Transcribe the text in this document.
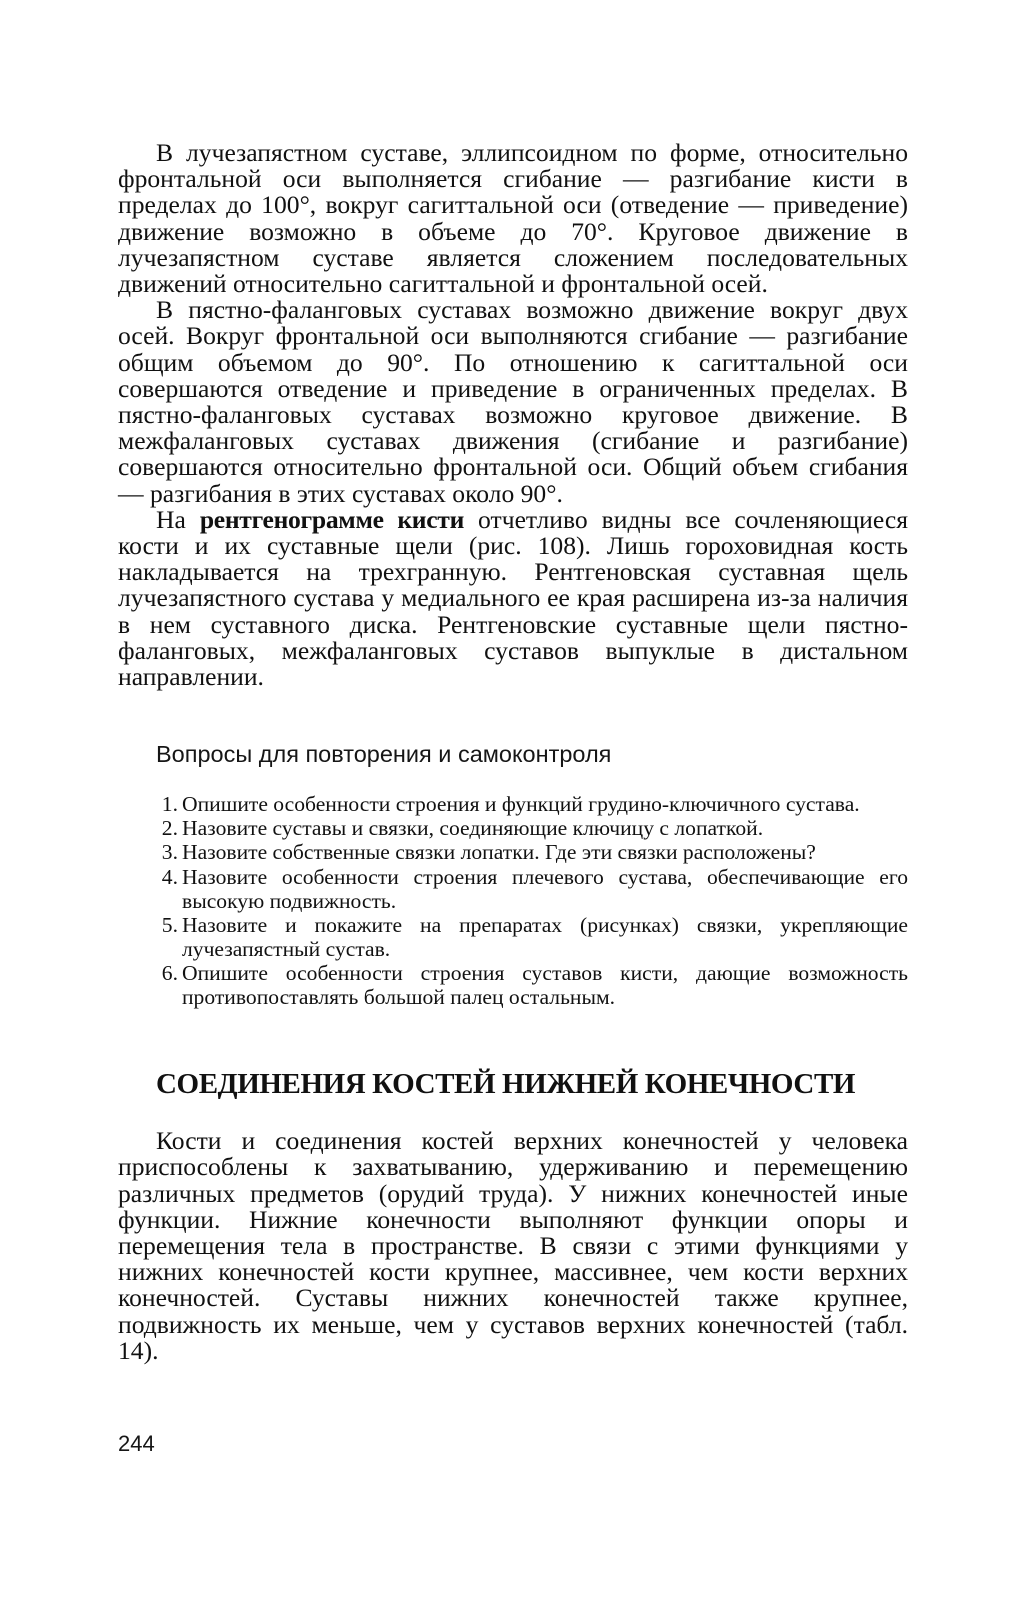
В лучезапястном суставе, эллипсоидном по форме, относительно фронтальной оси выполняется сгибание — разгибание кисти в пределах до 100°, вокруг сагиттальной оси (отведение — приведение) движение возможно в объеме до 70°. Круговое движение в лучезапястном суставе является сложением последовательных движений относительно сагиттальной и фронтальной осей.

В пястно-фаланговых суставах возможно движение вокруг двух осей. Вокруг фронтальной оси выполняются сгибание — разгибание общим объемом до 90°. По отношению к сагиттальной оси совершаются отведение и приведение в ограниченных пределах. В пястно-фаланговых суставах возможно круговое движение. В межфаланговых суставах движения (сгибание и разгибание) совершаются относительно фронтальной оси. Общий объем сгибания — разгибания в этих суставах около 90°.

На рентгенограмме кисти отчетливо видны все сочленяющиеся кости и их суставные щели (рис. 108). Лишь гороховидная кость накладывается на трехгранную. Рентгеновская суставная щель лучезапястного сустава у медиального ее края расширена из-за наличия в нем суставного диска. Рентгеновские суставные щели пястно-фаланговых, межфаланговых суставов выпуклые в дистальном направлении.

Вопросы для повторения и самоконтроля
1. Опишите особенности строения и функций грудино-ключичного сустава.
2. Назовите суставы и связки, соединяющие ключицу с лопаткой.
3. Назовите собственные связки лопатки. Где эти связки расположены?
4. Назовите особенности строения плечевого сустава, обеспечивающие его высокую подвижность.
5. Назовите и покажите на препаратах (рисунках) связки, укрепляющие лучезапястный сустав.
6. Опишите особенности строения суставов кисти, дающие возможность противопоставлять большой палец остальным.
СОЕДИНЕНИЯ КОСТЕЙ НИЖНЕЙ КОНЕЧНОСТИ

Кости и соединения костей верхних конечностей у человека приспособлены к захватыванию, удерживанию и перемещению различных предметов (орудий труда). У нижних конечностей иные функции. Нижние конечности выполняют функции опоры и перемещения тела в пространстве. В связи с этими функциями у нижних конечностей кости крупнее, массивнее, чем кости верхних конечностей. Суставы нижних конечностей также крупнее, подвижность их меньше, чем у суставов верхних конечностей (табл. 14).

244
